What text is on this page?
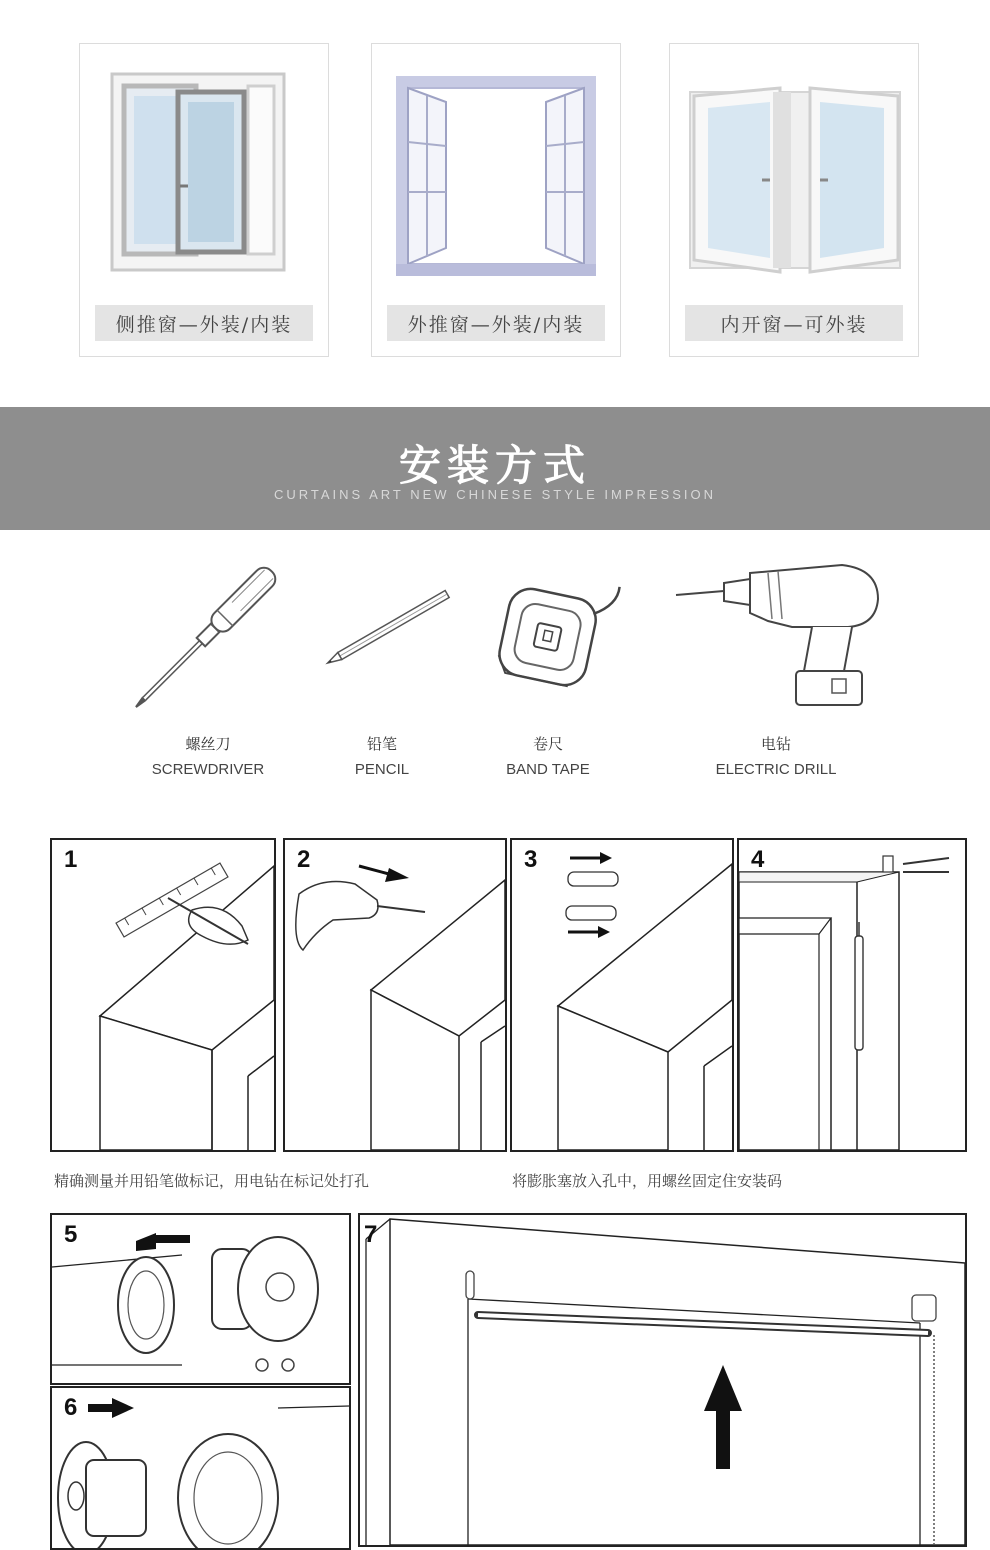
侧推窗—外装/内装	外推窗—外装/内装	内开窗—可外装
安装方式
CURTAINS ART NEW CHINESE STYLE IMPRESSION
螺丝刀
SCREWDRIVER
铅笔
PENCIL
卷尺
BAND TAPE
电钻
ELECTRIC DRILL
1	2	3	4
精确测量并用铅笔做标记，用电钻在标记处打孔	将膨胀塞放入孔中，用螺丝固定住安装码
5
6
7
